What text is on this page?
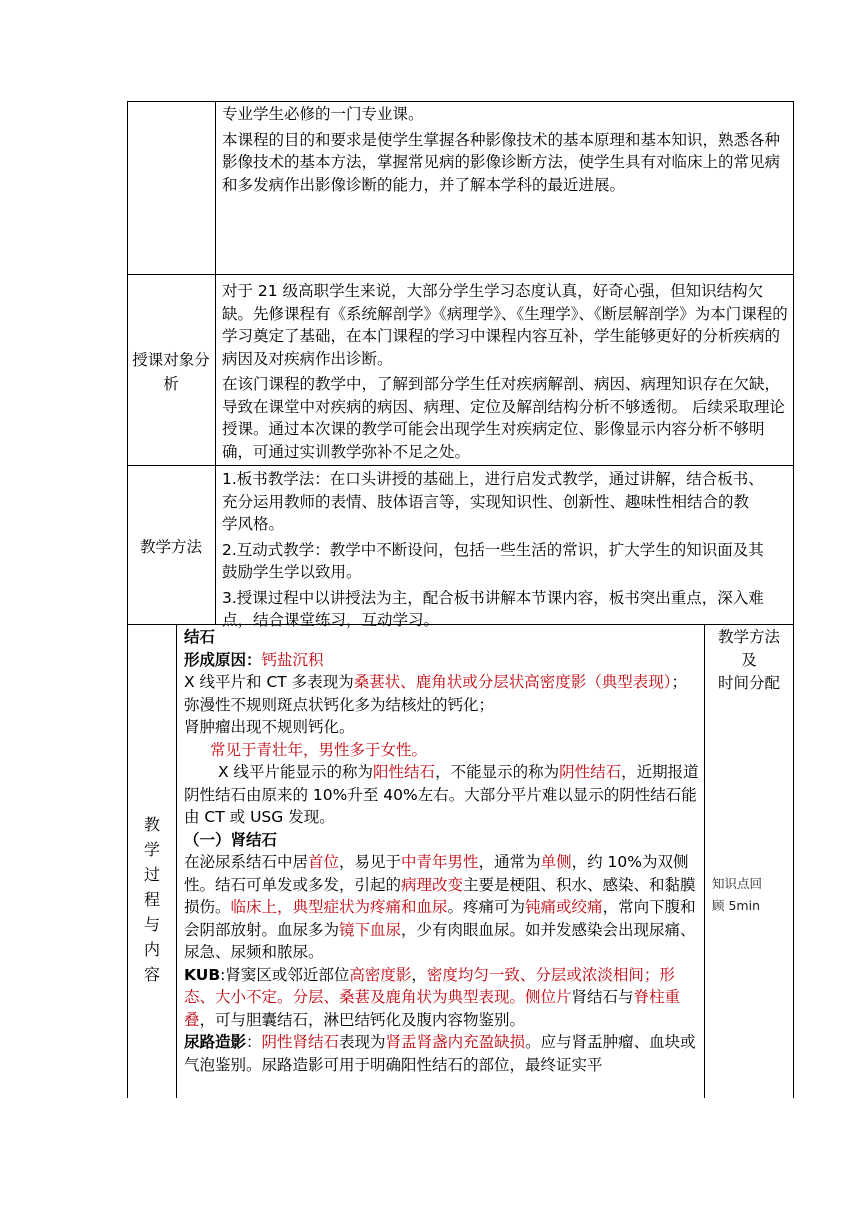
专业学生必修的一门专业课。

本课程的目的和要求是使学生掌握各种影像技术的基本原理和基本知识，熟悉各种影像技术的基本方法，掌握常见病的影像诊断方法，使学生具有对临床上的常见病和多发病作出影像诊断的能力，并了解本学科的最近进展。

授课对象分析

对于 21 级高职学生来说，大部分学生学习态度认真，好奇心强，但知识结构欠缺。先修课程有《系统解剖学》《病理学》、《生理学》、《断层解剖学》为本门课程的学习奠定了基础，在本门课程的学习中课程内容互补，学生能够更好的分析疾病的病因及对疾病作出诊断。

在该门课程的教学中，了解到部分学生任对疾病解剖、病因、病理知识存在欠缺，导致在课堂中对疾病的病因、病理、定位及解剖结构分析不够透彻。 后续采取理论授课。通过本次课的教学可能会出现学生对疾病定位、影像显示内容分析不够明确，可通过实训教学弥补不足之处。

教学方法

1.板书教学法：在口头讲授的基础上，进行启发式教学，通过讲解，结合板书、充分运用教师的表情、肢体语言等，实现知识性、创新性、趣味性相结合的教学风格。

2.互动式教学：教学中不断设问，包括一些生活的常识，扩大学生的知识面及其鼓励学生学以致用。

3.授课过程中以讲授法为主，配合板书讲解本节课内容，板书突出重点，深入难点，结合课堂练习，互动学习。

教
学
过
程
与
内
容
教学方法
及
时间分配
知识点回
顾 5min
结石
形成原因：钙盐沉积
X 线平片和 CT 多表现为桑葚状、鹿角状或分层状高密度影（典型表现）；
弥漫性不规则斑点状钙化多为结核灶的钙化；
肾肿瘤出现不规则钙化。
常见于青壮年，男性多于女性。
X 线平片能显示的称为阳性结石，不能显示的称为阴性结石，近期报道阴性结石由原来的 10%升至 40%左右。大部分平片难以显示的阴性结石能由 CT 或 USG 发现。
（一）肾结石
在泌尿系结石中居首位，易见于中青年男性，通常为单侧，约 10%为双侧性。结石可单发或多发，引起的病理改变主要是梗阻、积水、感染、和黏膜损伤。临床上，典型症状为疼痛和血尿。疼痛可为钝痛或绞痛，常向下腹和会阴部放射。血尿多为镜下血尿，少有肉眼血尿。如并发感染会出现尿痛、尿急、尿频和脓尿。
KUB:肾窦区或邻近部位高密度影，密度均匀一致、分层或浓淡相间；形态、大小不定。分层、桑葚及鹿角状为典型表现。侧位片肾结石与脊柱重叠，可与胆囊结石，淋巴结钙化及腹内容物鉴别。
尿路造影：阴性肾结石表现为肾盂肾盏内充盈缺损。应与肾盂肿瘤、血块或气泡鉴别。尿路造影可用于明确阳性结石的部位，最终证实平
